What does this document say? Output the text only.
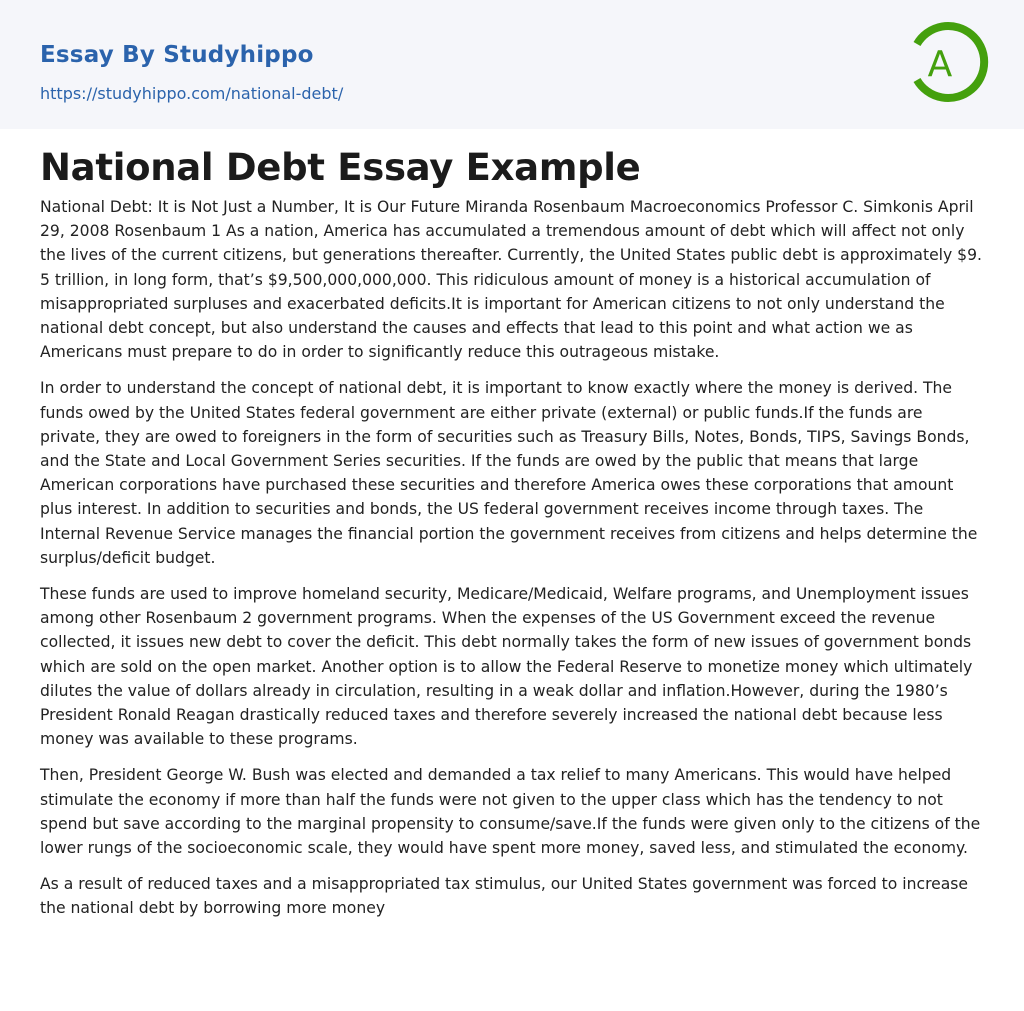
Essay By Studyhippo
https://studyhippo.com/national-debt/
A
National Debt Essay Example

National Debt: It is Not Just a Number, It is Our Future Miranda Rosenbaum Macroeconomics Professor C. Simkonis April 29, 2008 Rosenbaum 1 As a nation, America has accumulated a tremendous amount of debt which will affect not only the lives of the current citizens, but generations thereafter. Currently, the United States public debt is approximately $9. 5 trillion, in long form, that’s $9,500,000,000,000. This ridiculous amount of money is a historical accumulation of misappropriated surpluses and exacerbated deficits.It is important for American citizens to not only understand the national debt concept, but also understand the causes and effects that lead to this point and what action we as Americans must prepare to do in order to significantly reduce this outrageous mistake.

In order to understand the concept of national debt, it is important to know exactly where the money is derived. The funds owed by the United States federal government are either private (external) or public funds.If the funds are private, they are owed to foreigners in the form of securities such as Treasury Bills, Notes, Bonds, TIPS, Savings Bonds, and the State and Local Government Series securities. If the funds are owed by the public that means that large American corporations have purchased these securities and therefore America owes these corporations that amount plus interest. In addition to securities and bonds, the US federal government receives income through taxes. The Internal Revenue Service manages the financial portion the government receives from citizens and helps determine the surplus/deficit budget.

These funds are used to improve homeland security, Medicare/Medicaid, Welfare programs, and Unemployment issues among other Rosenbaum 2 government programs. When the expenses of the US Government exceed the revenue collected, it issues new debt to cover the deficit. This debt normally takes the form of new issues of government bonds which are sold on the open market. Another option is to allow the Federal Reserve to monetize money which ultimately dilutes the value of dollars already in circulation, resulting in a weak dollar and inflation.However, during the 1980’s President Ronald Reagan drastically reduced taxes and therefore severely increased the national debt because less money was available to these programs.

Then, President George W. Bush was elected and demanded a tax relief to many Americans. This would have helped stimulate the economy if more than half the funds were not given to the upper class which has the tendency to not spend but save according to the marginal propensity to consume/save.If the funds were given only to the citizens of the lower rungs of the socioeconomic scale, they would have spent more money, saved less, and stimulated the economy.

As a result of reduced taxes and a misappropriated tax stimulus, our United States government was forced to increase the national debt by borrowing more money
